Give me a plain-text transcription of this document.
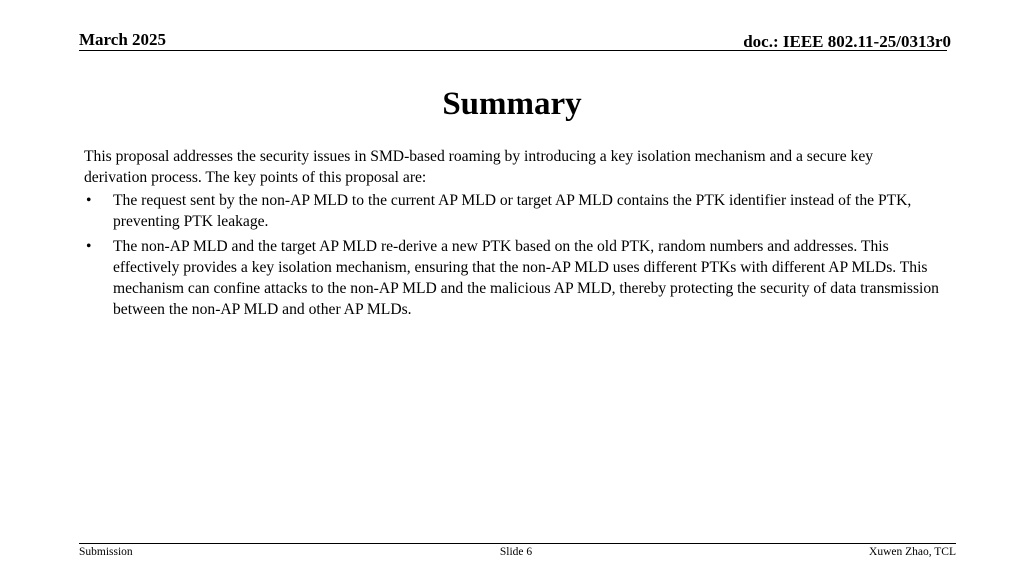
March 2025	doc.: IEEE 802.11-25/0313r0
Summary

This proposal addresses the security issues in SMD-based roaming by introducing a key isolation mechanism and a secure key derivation process. The key points of this proposal are:

• The request sent by the non-AP MLD to the current AP MLD or target AP MLD contains the PTK identifier instead of the PTK, preventing PTK leakage.
• The non-AP MLD and the target AP MLD re-derive a new PTK based on the old PTK, random numbers and addresses. This effectively provides a key isolation mechanism, ensuring that the non-AP MLD uses different PTKs with different AP MLDs. This mechanism can confine attacks to the non-AP MLD and the malicious AP MLD, thereby protecting the security of data transmission between the non-AP MLD and other AP MLDs.
Submission	Slide 6	Xuwen Zhao, TCL
